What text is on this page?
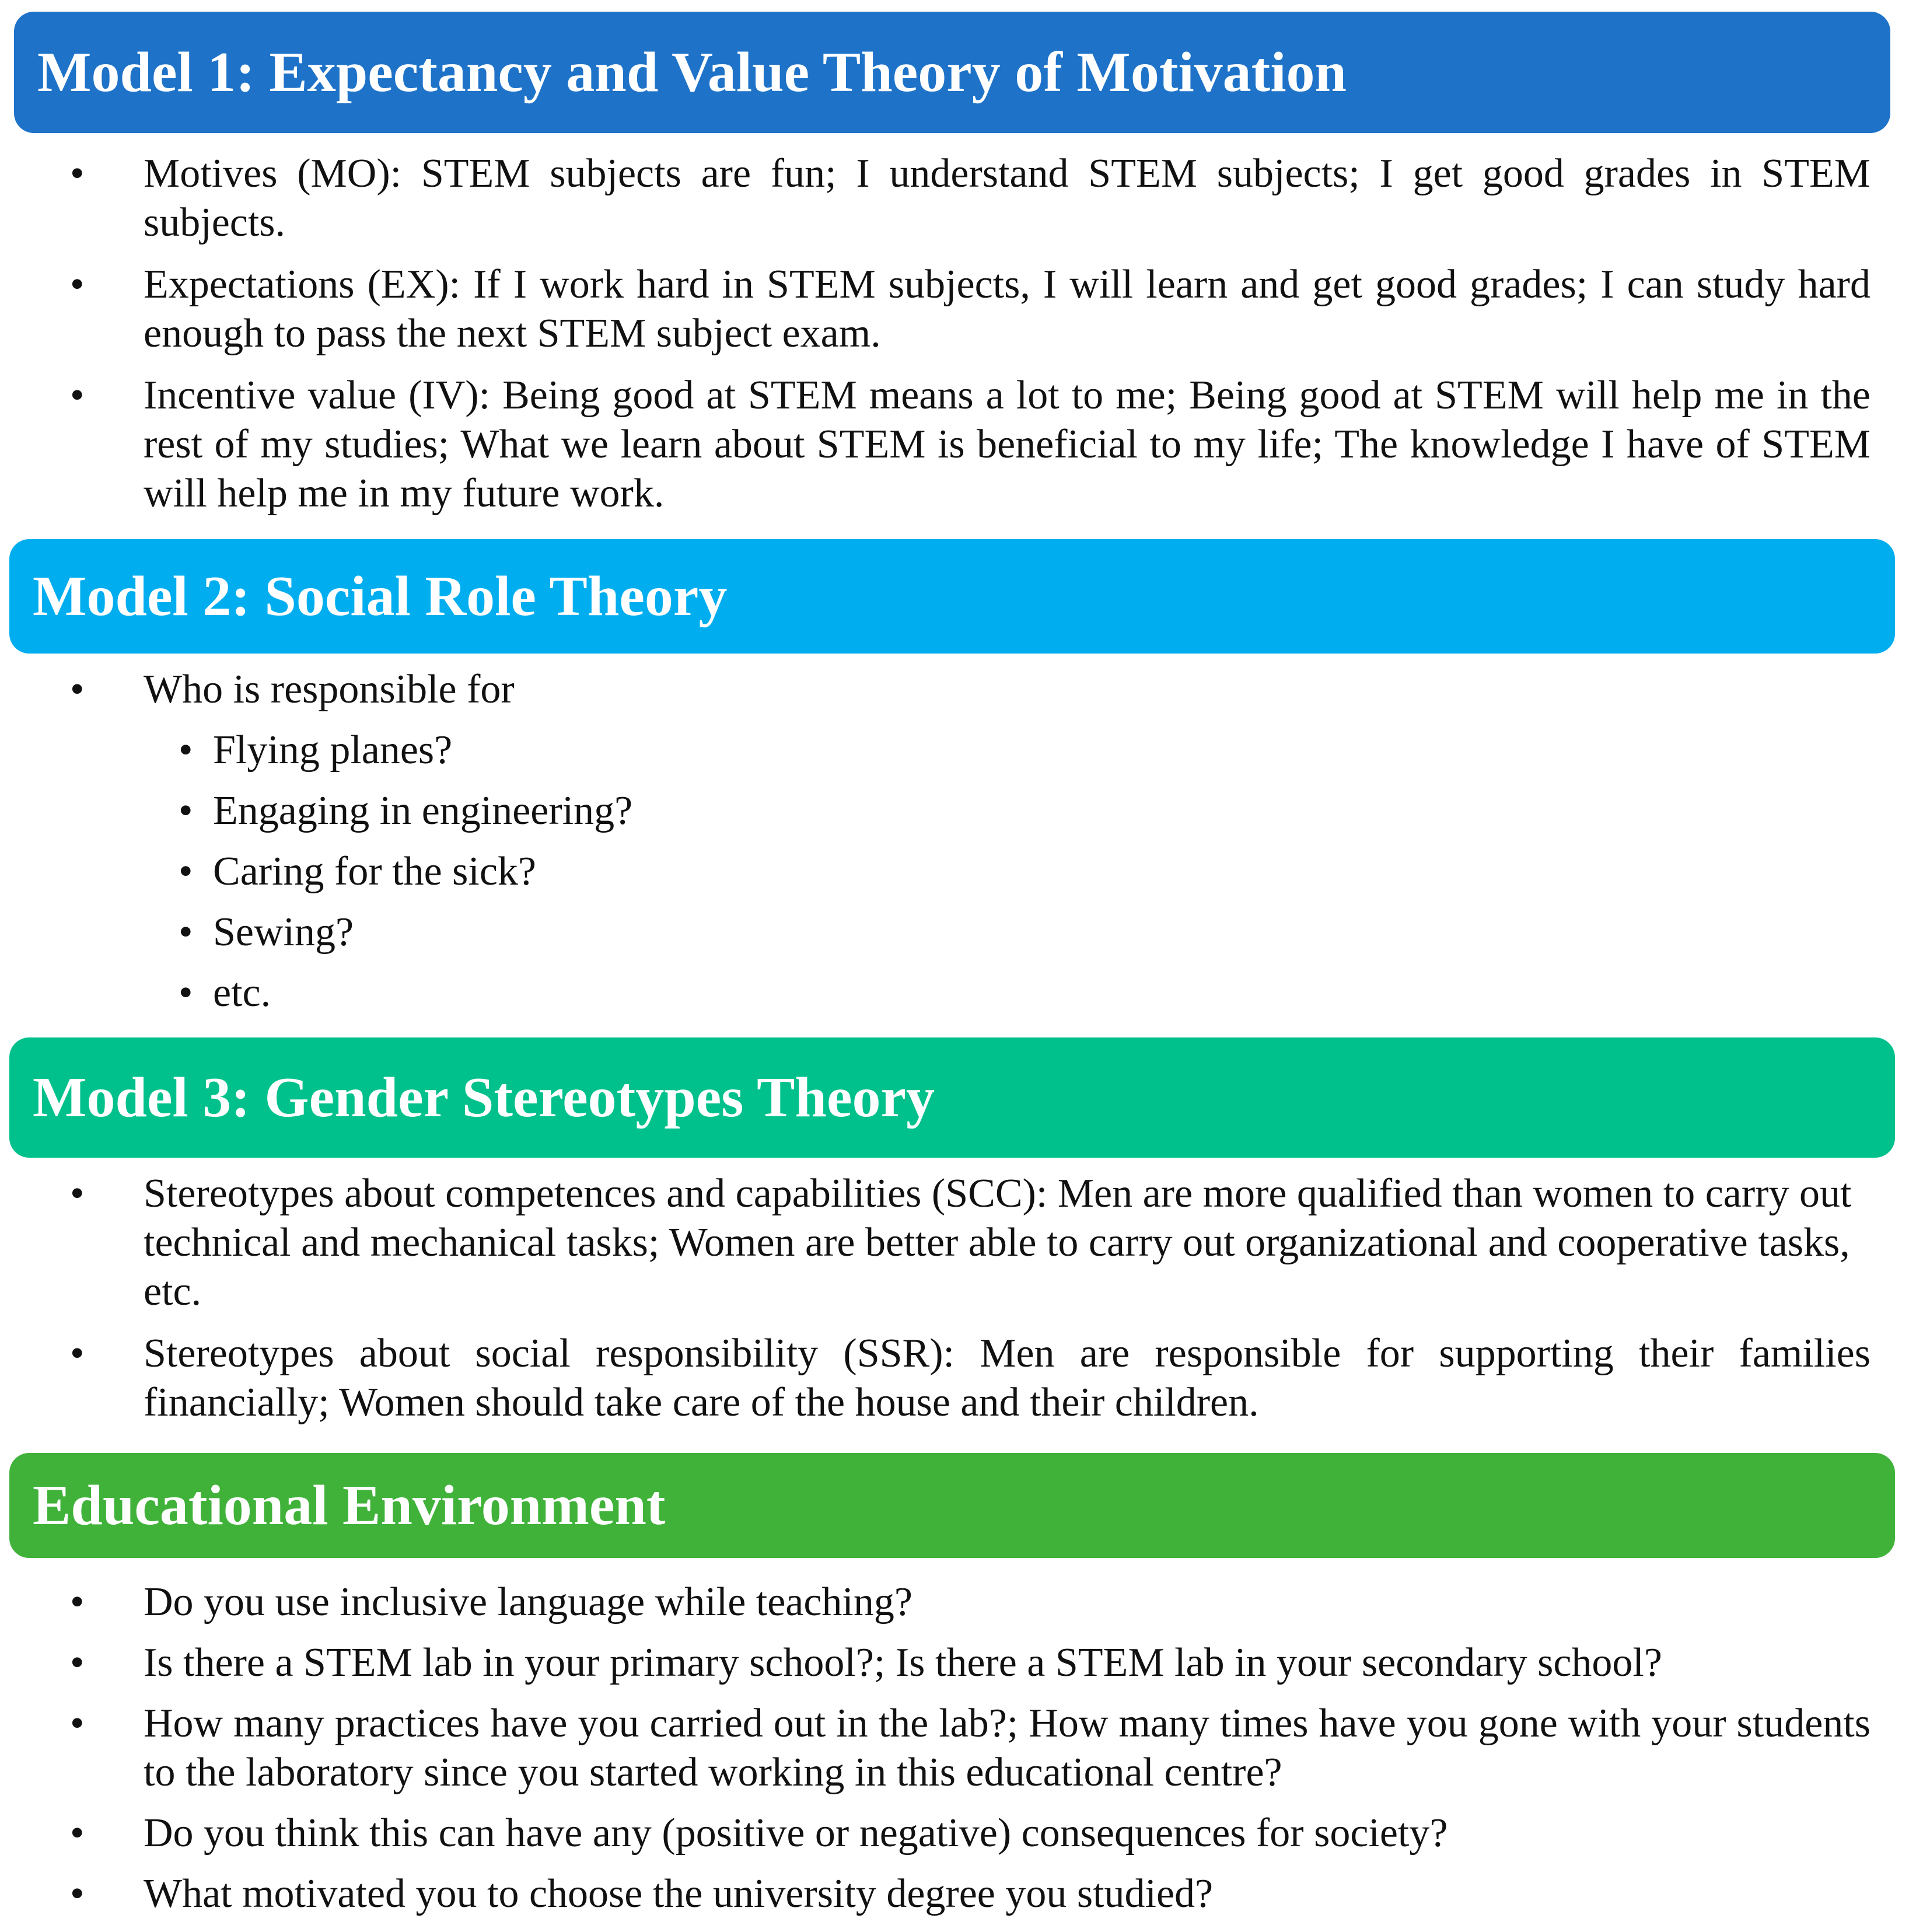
Model 1: Expectancy and Value Theory of Motivation
• Motives (MO): STEM subjects are fun; I understand STEM subjects; I get good grades in STEM subjects.
• Expectations (EX): If I work hard in STEM subjects, I will learn and get good grades; I can study hard enough to pass the next STEM subject exam.
• Incentive value (IV): Being good at STEM means a lot to me; Being good at STEM will help me in the rest of my studies; What we learn about STEM is beneficial to my life; The knowledge I have of STEM will help me in my future work.
Model 2: Social Role Theory
• Who is responsible for
• Flying planes?
• Engaging in engineering?
• Caring for the sick?
• Sewing?
• etc.
Model 3: Gender Stereotypes Theory
• Stereotypes about competences and capabilities (SCC): Men are more qualified than women to carry out technical and mechanical tasks; Women are better able to carry out organizational and cooperative tasks, etc.
• Stereotypes about social responsibility (SSR): Men are responsible for supporting their families financially; Women should take care of the house and their children.
Educational Environment
• Do you use inclusive language while teaching?
• Is there a STEM lab in your primary school?; Is there a STEM lab in your secondary school?
• How many practices have you carried out in the lab?; How many times have you gone with your students to the laboratory since you started working in this educational centre?
• Do you think this can have any (positive or negative) consequences for society?
• What motivated you to choose the university degree you studied?
